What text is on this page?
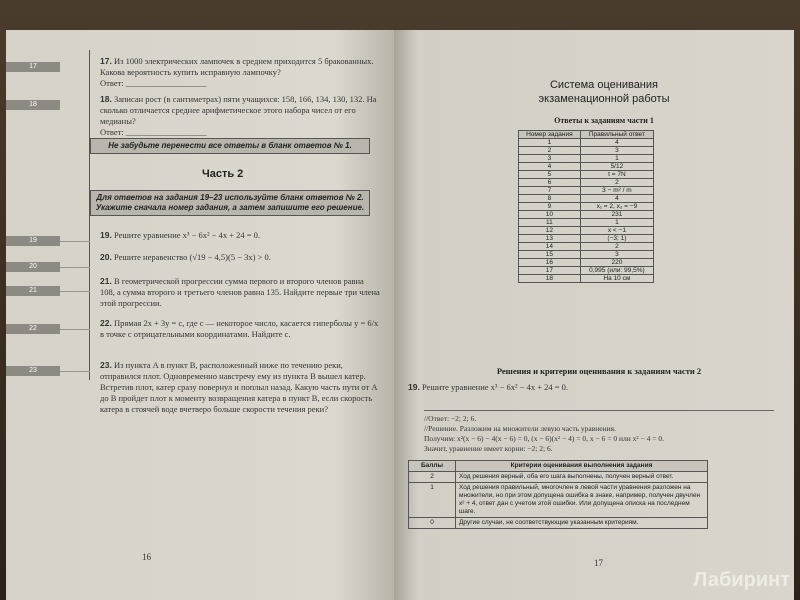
17
17. Из 1000 электрических лампочек в среднем приходится 5 бракованных. Какова вероятность купить исправную лампочку?
Ответ: ___________________
18
18. Записан рост (в сантиметрах) пяти учащихся: 158, 166, 134, 130, 132. На сколько отличается среднее арифметическое этого набора чисел от его медианы?
Ответ: ___________________
Не забудьте перенести все ответы в бланк ответов № 1.
Часть 2
Для ответов на задания 19–23 используйте бланк ответов № 2. Укажите сначала номер задания, а затем запишите его решение.
19
19. Решите уравнение x³ − 6x² − 4x + 24 = 0.
20
20. Решите неравенство (√19 − 4,5)(5 − 3x) > 0.
21
21. В геометрической прогрессии сумма первого и второго членов равна 108, а сумма второго и третьего членов равна 135. Найдите первые три члена этой прогрессии.
22
22. Прямая 2x + 3y = c, где c — некоторое число, касается гиперболы y = 6/x в точке с отрицательными координатами. Найдите c.
23
23. Из пункта A в пункт B, расположенный ниже по течению реки, отправился плот. Одновременно навстречу ему из пункта B вышел катер. Встретив плот, катер сразу повернул и поплыл назад. Какую часть пути от A до B пройдет плот к моменту возвращения катера в пункт B, если скорость катера в стоячей воде вчетверо больше скорости течения реки?
16
Система оценивания
экзаменационной работы
Ответы к заданиям части 1
Номер задания	Правильный ответ
1	4
2	3
3	1
4	5/12
5	t = 7N
6	2
7	3 − m² / m
8	4
9	x₁ = 2, x₂ = −9
10	231
11	1
12	x < −1
13	(−3; 1)
14	2
15	3
16	220
17	0,995 (или: 99,5%)
18	На 10 см
Решения и критерии оценивания к заданиям части 2
19. Решите уравнение x³ − 6x² − 4x + 24 = 0.
//Ответ: −2; 2; 6.
//Решение. Разложим на множители левую часть уравнения.
Получим: x²(x − 6) − 4(x − 6) = 0, (x − 6)(x² − 4) = 0, x − 6 = 0 или x² − 4 = 0.
Значит, уравнение имеет корни: −2; 2; 6.
Баллы	Критерии оценивания выполнения задания
2	Ход решения верный, оба его шага выполнены, получен верный ответ.
1	Ход решения правильный, многочлен в левой части уравнения разложен на множители, но при этом допущена ошибка в знаке, например, получен двучлен x² + 4, ответ дан с учетом этой ошибки. Или допущена описка на последнем шаге.
0	Другие случаи, не соответствующие указанным критериям.
17
Лабиринт
